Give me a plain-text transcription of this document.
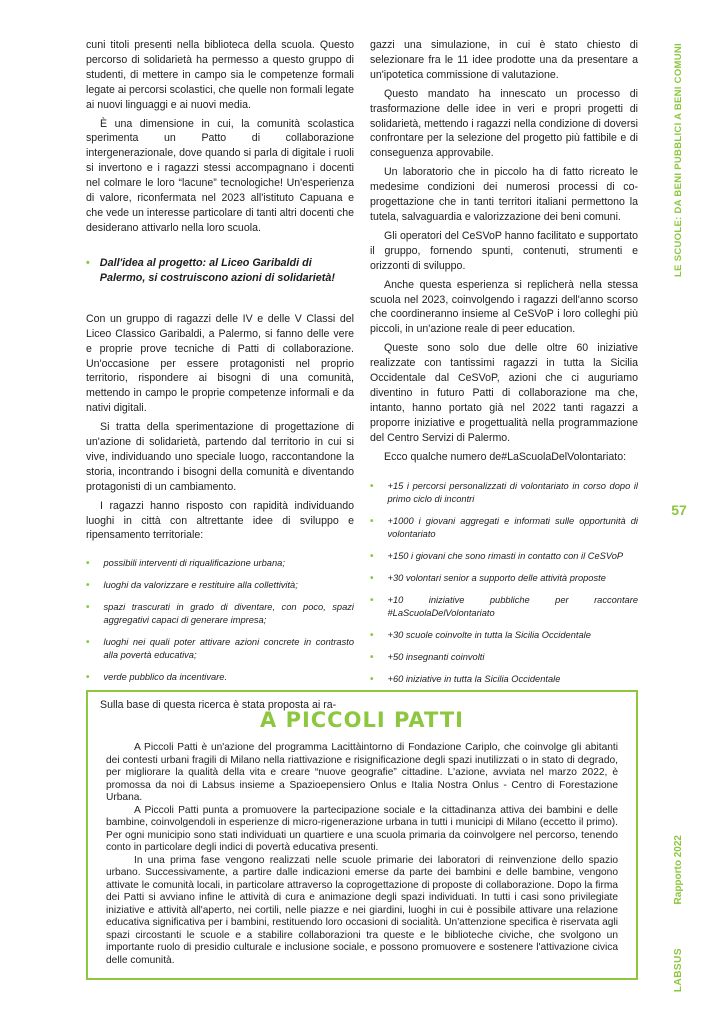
cuni titoli presenti nella biblioteca della scuola. Questo percorso di solidarietà ha permesso a questo gruppo di studenti, di mettere in campo sia le competenze formali legate ai percorsi scolastici, che quelle non formali legate ai nuovi linguaggi e ai nuovi media.

È una dimensione in cui, la comunità scolastica sperimenta un Patto di collaborazione intergenerazionale, dove quando si parla di digitale i ruoli si invertono e i ragazzi stessi accompagnano i docenti nel colmare le loro “lacune” tecnologiche! Un'esperienza di valore, riconfermata nel 2023 all'istituto Capuana e che vede un interesse particolare di tanti altri docenti che desiderano attivarlo nella loro scuola.

• Dall'idea al progetto: al Liceo Garibaldi di Palermo, si costruiscono azioni di solidarietà!

Con un gruppo di ragazzi delle IV e delle V Classi del Liceo Classico Garibaldi, a Palermo, si fanno delle vere e proprie prove tecniche di Patti di collaborazione. Un'occasione per essere protagonisti nel proprio territorio, rispondere ai bisogni di una comunità, mettendo in campo le proprie competenze informali e da nativi digitali.

Si tratta della sperimentazione di progettazione di un'azione di solidarietà, partendo dal territorio in cui si vive, individuando uno speciale luogo, raccontandone la storia, incontrando i bisogni della comunità e diventando protagonisti di un cambiamento.

I ragazzi hanno risposto con rapidità individuando luoghi in città con altrettante idee di sviluppo e ripensamento territoriale:

• possibili interventi di riqualificazione urbana;
• luoghi da valorizzare e restituire alla collettività;
• spazi trascurati in grado di diventare, con poco, spazi aggregativi capaci di generare impresa;
• luoghi nei quali poter attivare azioni concrete in contrasto alla povertà educativa;
• verde pubblico da incentivare.

Sulla base di questa ricerca è stata proposta ai ra-

gazzi una simulazione, in cui è stato chiesto di selezionare fra le 11 idee prodotte una da presentare a un'ipotetica commissione di valutazione.

Questo mandato ha innescato un processo di trasformazione delle idee in veri e propri progetti di solidarietà, mettendo i ragazzi nella condizione di doversi confrontare per la selezione del progetto più fattibile e di conseguenza approvabile.

Un laboratorio che in piccolo ha di fatto ricreato le medesime condizioni dei numerosi processi di co-progettazione che in tanti territori italiani permettono la tutela, salvaguardia e valorizzazione dei beni comuni.

Gli operatori del CeSVoP hanno facilitato e supportato il gruppo, fornendo spunti, contenuti, strumenti e orizzonti di sviluppo.

Anche questa esperienza si replicherà nella stessa scuola nel 2023, coinvolgendo i ragazzi dell'anno scorso che coordineranno insieme al CeSVoP i loro colleghi più piccoli, in un'azione reale di peer education.

Queste sono solo due delle oltre 60 iniziative realizzate con tantissimi ragazzi in tutta la Sicilia Occidentale dal CeSVoP, azioni che ci auguriamo diventino in futuro Patti di collaborazione ma che, intanto, hanno portato già nel 2022 tanti ragazzi a proporre iniziative e progettualità nella programmazione del Centro Servizi di Palermo.

Ecco qualche numero de#LaScuolaDelVolontariato:

• +15 i percorsi personalizzati di volontariato in corso dopo il primo ciclo di incontri
• +1000 i giovani aggregati e informati sulle opportunità di volontariato
• +150 i giovani che sono rimasti in contatto con il CeSVoP
• +30 volontari senior a supporto delle attività proposte
• +10 iniziative pubbliche per raccontare #LaScuolaDelVolontariato
• +30 scuole coinvolte in tutta la Sicilia Occidentale
• +50 insegnanti coinvolti
• +60 iniziative in tutta la Sicilia Occidentale
LE SCUOLE: DA BENI PUBBLICI A BENI COMUNI
57
Rapporto 2022
LABSUS
A PICCOLI PATTI

A Piccoli Patti è un'azione del programma Lacittàintorno di Fondazione Cariplo, che coinvolge gli abitanti dei contesti urbani fragili di Milano nella riattivazione e risignificazione degli spazi inutilizzati o in stato di degrado, per migliorare la qualità della vita e creare “nuove geografie” cittadine. L'azione, avviata nel marzo 2022, è promossa da noi di Labsus insieme a Spazioepensiero Onlus e Italia Nostra Onlus - Centro di Forestazione Urbana.

A Piccoli Patti punta a promuovere la partecipazione sociale e la cittadinanza attiva dei bambini e delle bambine, coinvolgendoli in esperienze di micro-rigenerazione urbana in tutti i municipi di Milano (eccetto il primo). Per ogni municipio sono stati individuati un quartiere e una scuola primaria da coinvolgere nel percorso, tenendo conto in particolare degli indici di povertà educativa presenti.

In una prima fase vengono realizzati nelle scuole primarie dei laboratori di reinvenzione dello spazio urbano. Successivamente, a partire dalle indicazioni emerse da parte dei bambini e delle bambine, vengono attivate le comunità locali, in particolare attraverso la coprogettazione di proposte di collaborazione. Dopo la firma dei Patti si avviano infine le attività di cura e animazione degli spazi individuati. In tutti i casi sono privilegiate iniziative e attività all'aperto, nei cortili, nelle piazze e nei giardini, luoghi in cui è possibile attivare una relazione educativa significativa per i bambini, restituendo loro occasioni di socialità. Un'attenzione specifica è riservata agli spazi circostanti le scuole e a stabilire collaborazioni tra queste e le biblioteche civiche, che svolgono un importante ruolo di presidio culturale e inclusione sociale, e possono promuovere e sostenere l'attivazione civica delle comunità.
